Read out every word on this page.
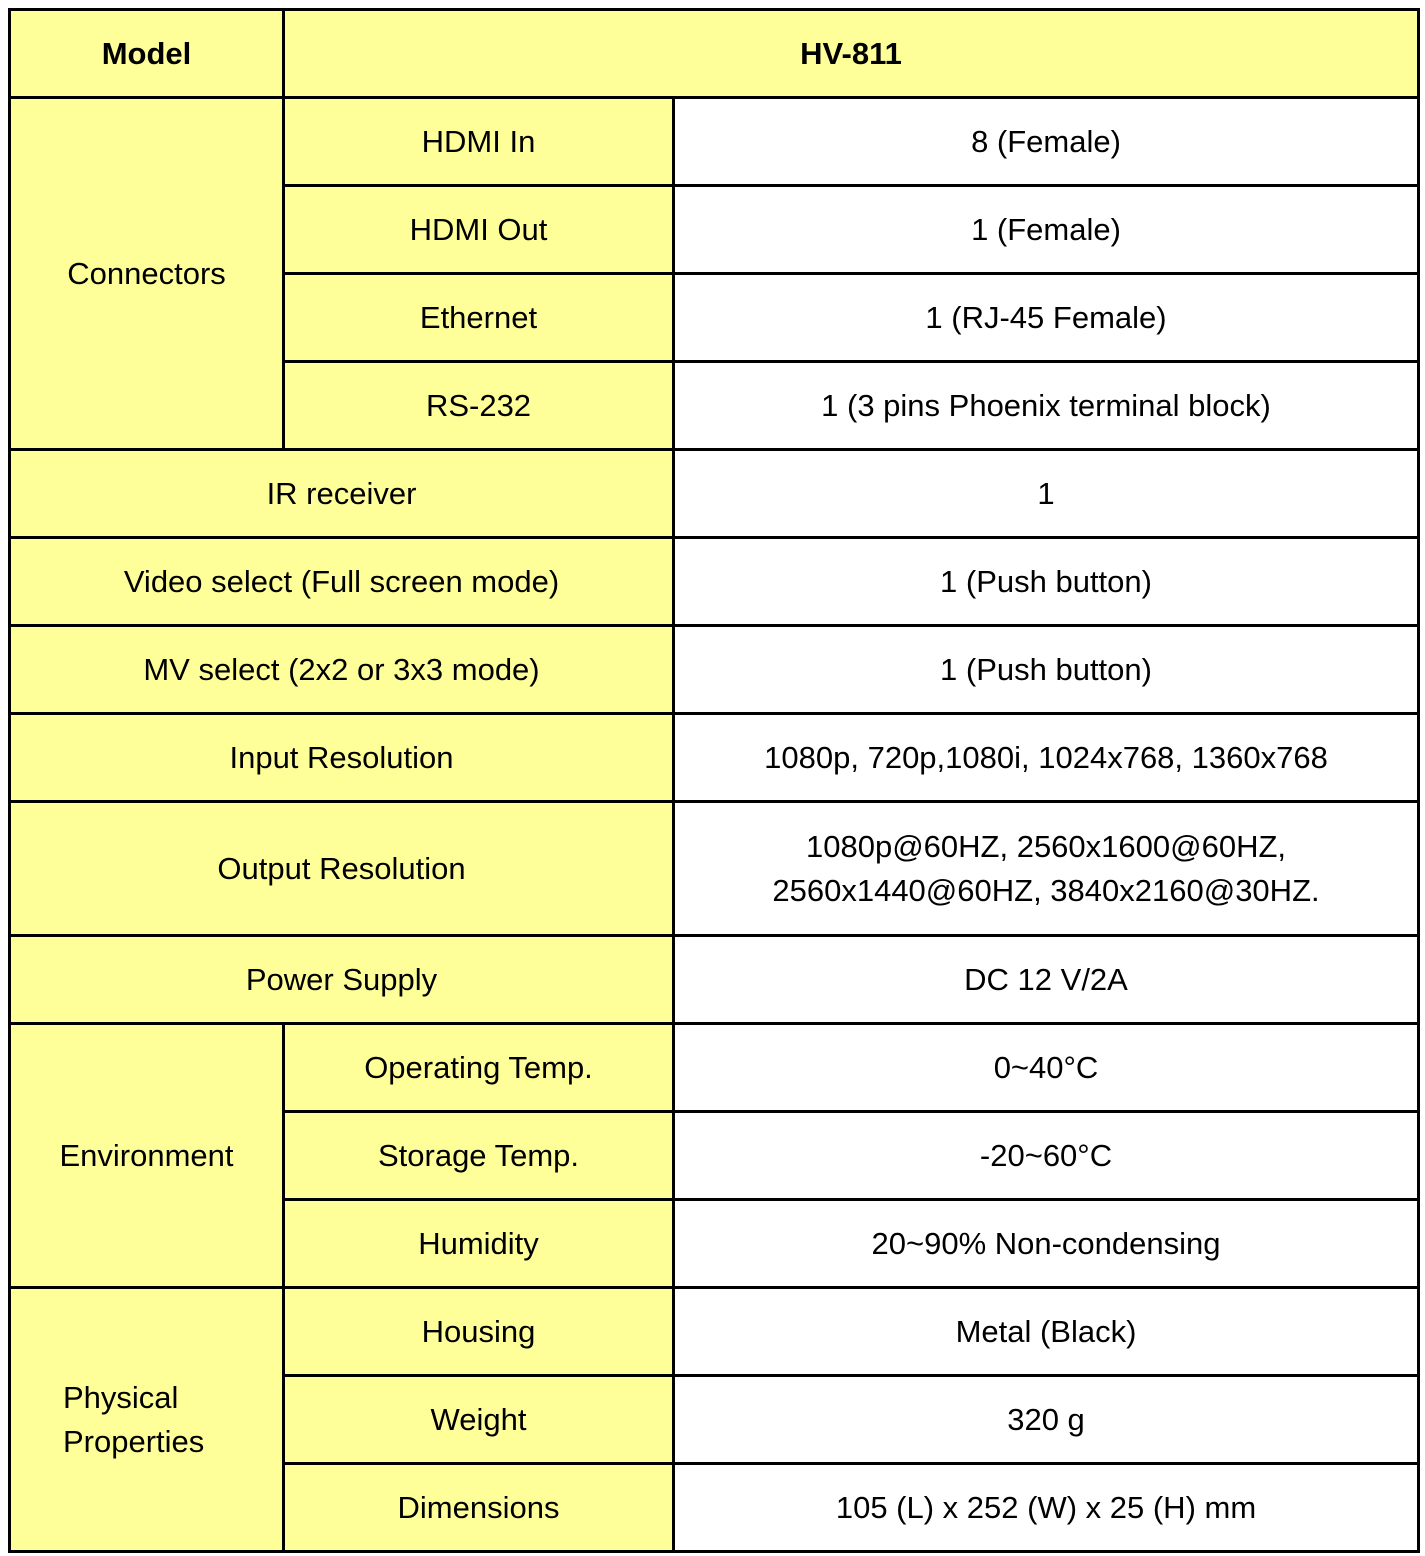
Model	HV-811	
Connectors	HDMI In	8 (Female)
	HDMI Out	1 (Female)
	Ethernet	1 (RJ-45 Female)
	RS-232	1 (3 pins Phoenix terminal block)
IR receiver		1
Video select (Full screen mode)		1 (Push button)
MV select (2x2 or 3x3 mode)		1 (Push button)
Input Resolution		1080p, 720p,1080i, 1024x768, 1360x768
Output Resolution		1080p@60HZ, 2560x1600@60HZ,
2560x1440@60HZ, 3840x2160@30HZ.

Power Supply		DC 12 V/2A
Environment	Operating Temp.	0~40°C
	Storage Temp.	-20~60°C
	Humidity	20~90% Non-condensing

Physical
Properties	Housing	Metal (Black)
	Weight	320 g
	Dimensions	105 (L) x 252 (W) x 25 (H) mm
